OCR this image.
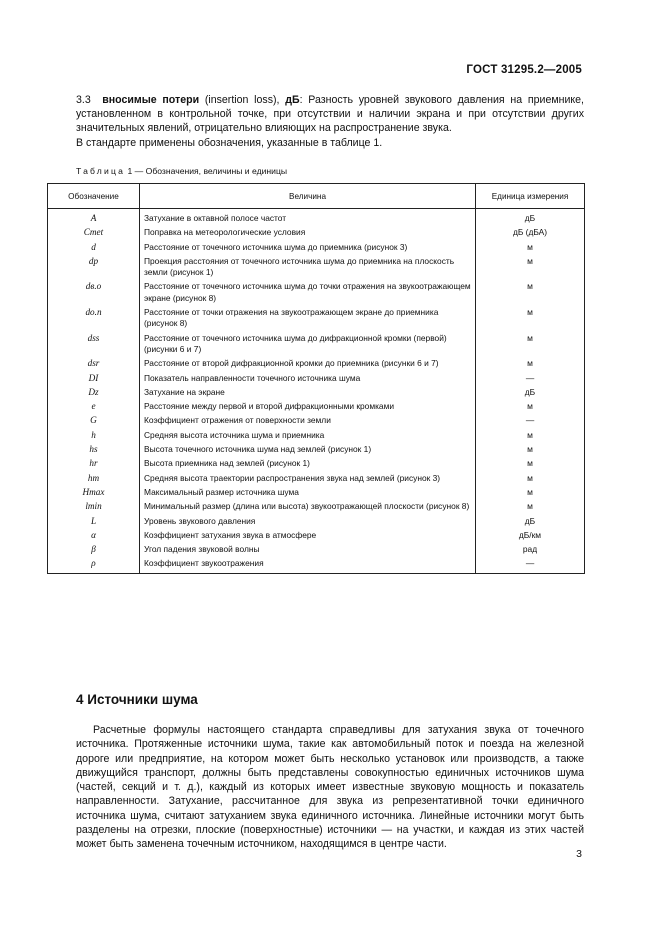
ГОСТ 31295.2—2005
3.3 вносимые потери (insertion loss), дБ: Разность уровней звукового давления на приемнике, установленном в контрольной точке, при отсутствии и наличии экрана и при отсутствии других значительных явлений, отрицательно влияющих на распространение звука.
В стандарте применены обозначения, указанные в таблице 1.
Таблица 1 — Обозначения, величины и единицы
Обозначение	Величина	Единица измерения
A	Затухание в октавной полосе частот	дБ
Cmet	Поправка на метеорологические условия	дБ (дБА)
d	Расстояние от точечного источника шума до приемника (рисунок 3)	м
dp	Проекция расстояния от точечного источника шума до приемника на плоскость земли (рисунок 1)	м
dв.о	Расстояние от точечного источника шума до точки отражения на звукоотражающем экране (рисунок 8)	м
dо.п	Расстояние от точки отражения на звукоотражающем экране до приемника (рисунок 8)	м
dss	Расстояние от точечного источника шума до дифракционной кромки (первой) (рисунки 6 и 7)	м
dsr	Расстояние от второй дифракционной кромки до приемника (рисунки 6 и 7)	м
DI	Показатель направленности точечного источника шума	—
Dz	Затухание на экране	дБ
e	Расстояние между первой и второй дифракционными кромками	м
G	Коэффициент отражения от поверхности земли	—
h	Средняя высота источника шума и приемника	м
hs	Высота точечного источника шума над землей (рисунок 1)	м
hr	Высота приемника над землей (рисунок 1)	м
hm	Средняя высота траектории распространения звука над землей (рисунок 3)	м
Hmax	Максимальный размер источника шума	м
lmin	Минимальный размер (длина или высота) звукоотражающей плоскости (рисунок 8)	м
L	Уровень звукового давления	дБ
α	Коэффициент затухания звука в атмосфере	дБ/км
β	Угол падения звуковой волны	рад
ρ	Коэффициент звукоотражения	—
4 Источники шума
Расчетные формулы настоящего стандарта справедливы для затухания звука от точечного источника. Протяженные источники шума, такие как автомобильный поток и поезда на железной дороге или предприятие, на котором может быть несколько установок или производств, а также движущийся транспорт, должны быть представлены совокупностью единичных источников шума (частей, секций и т. д.), каждый из которых имеет известные звуковую мощность и показатель направленности. Затухание, рассчитанное для звука из репрезентативной точки единичного источника шума, считают затуханием звука единичного источника. Линейные источники могут быть разделены на отрезки, плоские (поверхностные) источники — на участки, и каждая из этих частей может быть заменена точечным источником, находящимся в центре части.
3
